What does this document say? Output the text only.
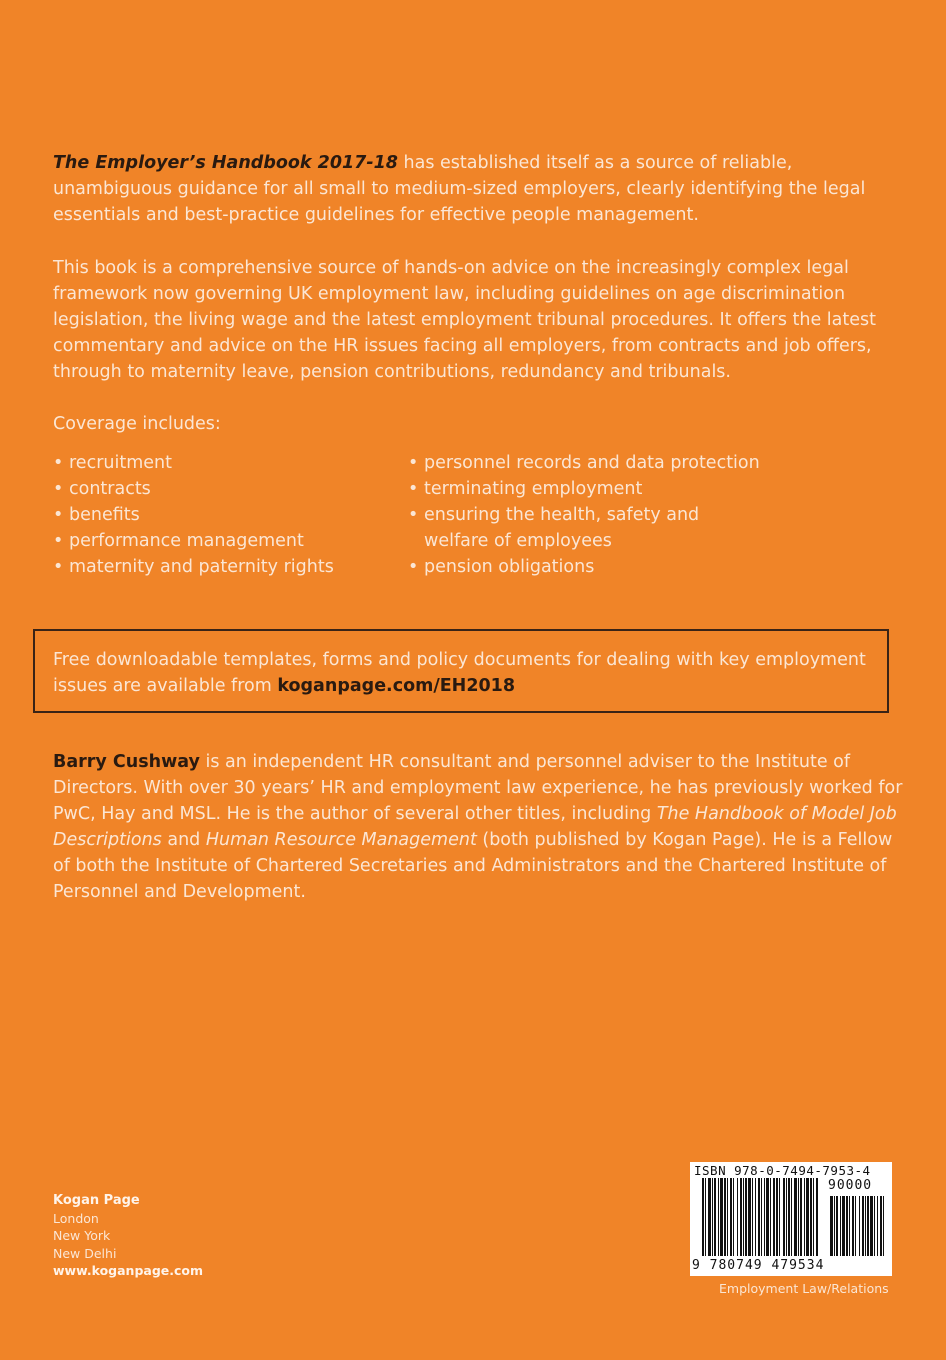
The Employer’s Handbook 2017-18 has established itself as a source of reliable, unambiguous guidance for all small to medium-sized employers, clearly identifying the legal essentials and best-practice guidelines for effective people management.

This book is a comprehensive source of hands-on advice on the increasingly complex legal framework now governing UK employment law, including guidelines on age discrimination legislation, the living wage and the latest employment tribunal procedures. It offers the latest commentary and advice on the HR issues facing all employers, from contracts and job offers, through to maternity leave, pension contributions, redundancy and tribunals.

Coverage includes:

• recruitment
• contracts
• benefits
• performance management
• maternity and paternity rights
• personnel records and data protection
• terminating employment
• ensuring the health, safety and welfare of employees
• pension obligations

Free downloadable templates, forms and policy documents for dealing with key employment issues are available from koganpage.com/EH2018

Barry Cushway is an independent HR consultant and personnel adviser to the Institute of Directors. With over 30 years’ HR and employment law experience, he has previously worked for PwC, Hay and MSL. He is the author of several other titles, including The Handbook of Model Job Descriptions and Human Resource Management (both published by Kogan Page). He is a Fellow of both the Institute of Chartered Secretaries and Administrators and the Chartered Institute of Personnel and Development.

Kogan Page
London
New York
New Delhi
www.koganpage.com
ISBN 978-0-7494-7953-4
90000
9 780749 479534
Employment Law/Relations
